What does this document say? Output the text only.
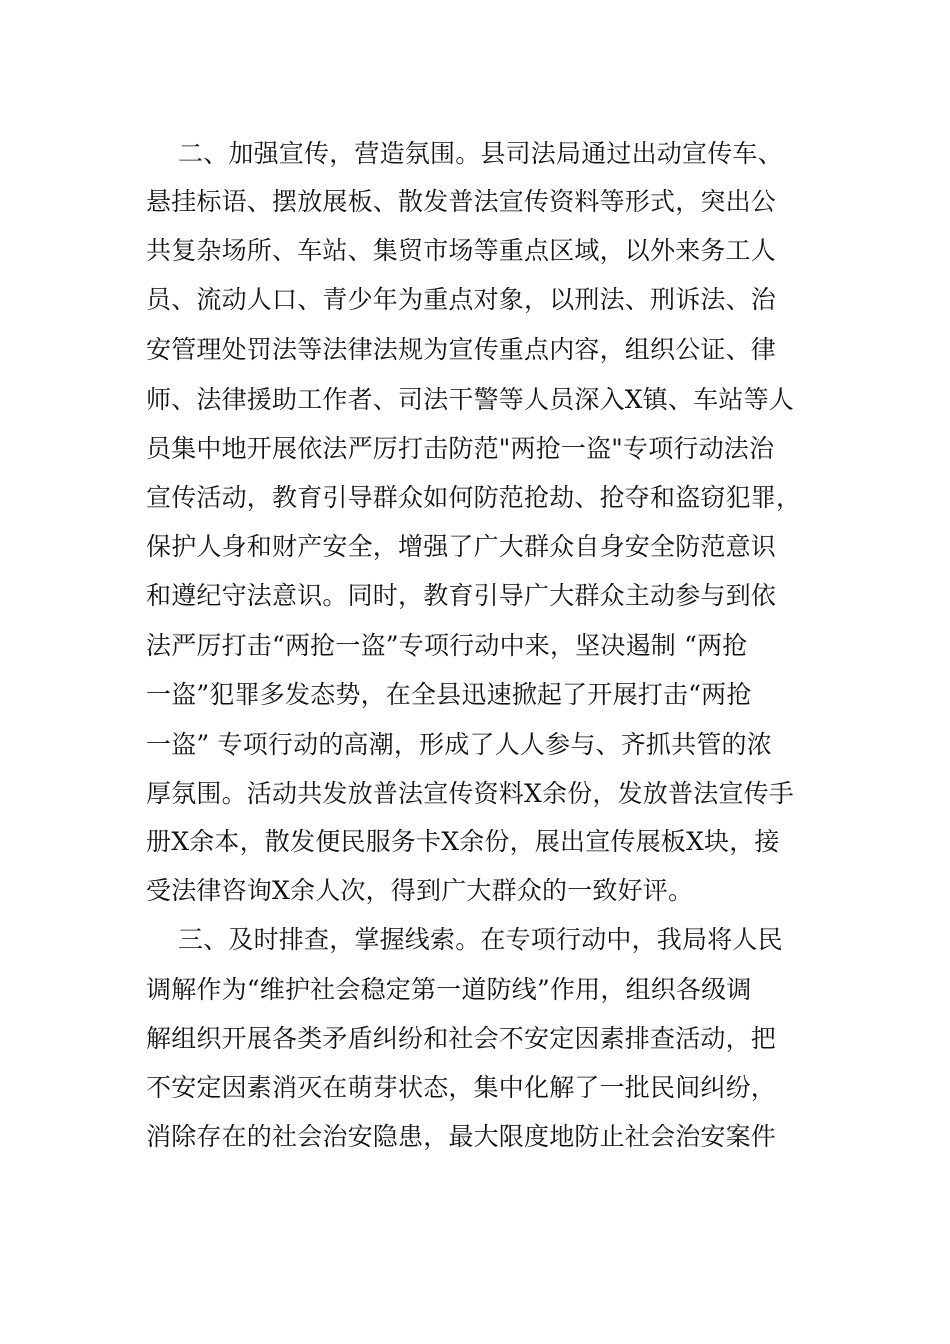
二、加强宣传，营造氛围。县司法局通过出动宣传车、
悬挂标语、摆放展板、散发普法宣传资料等形式，突出公
共复杂场所、车站、集贸市场等重点区域，以外来务工人
员、流动人口、青少年为重点对象，以刑法、刑诉法、治
安管理处罚法等法律法规为宣传重点内容，组织公证、律
师、法律援助工作者、司法干警等人员深入X镇、车站等人
员集中地开展依法严厉打击防范"两抢一盗"专项行动法治
宣传活动，教育引导群众如何防范抢劫、抢夺和盗窃犯罪，
保护人身和财产安全，增强了广大群众自身安全防范意识
和遵纪守法意识。同时，教育引导广大群众主动参与到依
法严厉打击“两抢一盗”专项行动中来，坚决遏制 “两抢
一盗”犯罪多发态势，在全县迅速掀起了开展打击“两抢
一盗” 专项行动的高潮，形成了人人参与、齐抓共管的浓
厚氛围。活动共发放普法宣传资料X余份，发放普法宣传手
册X余本，散发便民服务卡X余份，展出宣传展板X块，接
受法律咨询X余人次，得到广大群众的一致好评。
三、及时排查，掌握线索。在专项行动中，我局将人民
调解作为“维护社会稳定第一道防线”作用，组织各级调
解组织开展各类矛盾纠纷和社会不安定因素排查活动，把
不安定因素消灭在萌芽状态，集中化解了一批民间纠纷，
消除存在的社会治安隐患，最大限度地防止社会治安案件
